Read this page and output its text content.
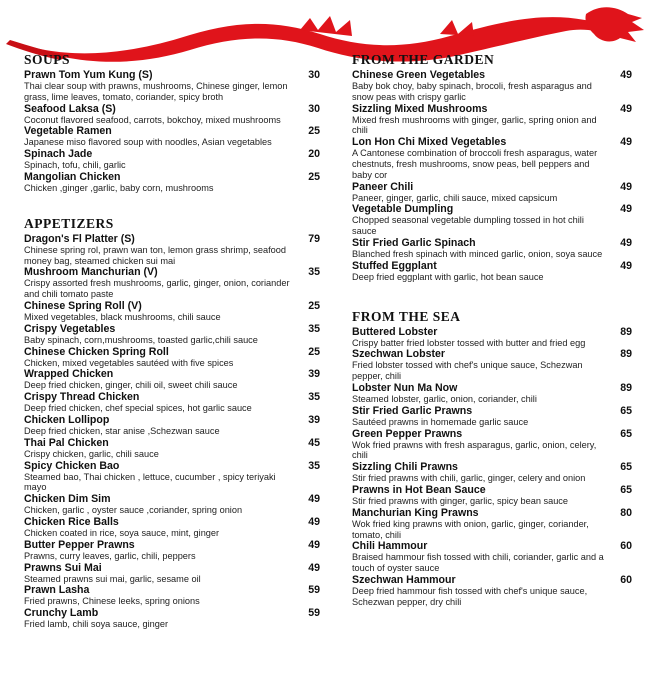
SOUPS
Prawn Tom Yum Kung (S)	30
Thai clear soup with prawns, mushrooms, Chinese ginger, lemon grass, lime leaves, tomato, coriander, spicy broth
Seafood Laksa (S)	30
Coconut flavored seafood, carrots, bokchoy, mixed mushrooms
Vegetable Ramen	25
Japanese miso flavored soup with noodles, Asian vegetables
Spinach Jade	20
Spinach, tofu, chili, garlic
Mangolian Chicken	25
Chicken ,ginger ,garlic, baby corn, mushrooms
APPETIZERS
Dragon's Fl Platter (S)	79
Chinese spring rol, prawn wan ton, lemon grass shrimp, seafood money bag, steamed chicken sui mai
Mushroom Manchurian (V)	35
Crispy assorted fresh mushrooms, garlic, ginger, onion, coriander and chili tomato paste
Chinese Spring Roll (V)	25
Mixed vegetables, black mushrooms, chili sauce
Crispy Vegetables	35
Baby spinach, corn,mushrooms, toasted garlic,chili sauce
Chinese Chicken Spring Roll	25
Chicken, mixed vegetables sautéed with five spices
Wrapped Chicken	39
Deep fried chicken, ginger, chili oil, sweet chili sauce
Crispy Thread Chicken	35
Deep fried chicken, chef special spices, hot garlic sauce
Chicken Lollipop	39
Deep fried chicken, star anise ,Schezwan sauce
Thai Pal Chicken	45
Crispy chicken, garlic, chili sauce
Spicy Chicken Bao	35
Steamed bao, Thai chicken , lettuce, cucumber , spicy teriyaki mayo
Chicken Dim Sim	49
Chicken, garlic , oyster sauce ,coriander, spring onion
Chicken Rice Balls	49
Chicken coated in rice, soya sauce, mint, ginger
Butter Pepper Prawns	49
Prawns, curry leaves, garlic, chili, peppers
Prawns Sui Mai	49
Steamed prawns sui mai, garlic, sesame oil
Prawn Lasha	59
Fried prawns, Chinese leeks, spring onions
Crunchy Lamb	59
Fried lamb, chili soya sauce, ginger
FROM THE GARDEN
Chinese Green Vegetables	49
Baby bok choy, baby spinach, brocoli, fresh asparagus and snow peas with crispy garlic
Sizzling Mixed Mushrooms	49
Mixed fresh mushrooms with ginger, garlic, spring onion and chili
Lon Hon Chi Mixed Vegetables	49
A Cantonese combination of broccoli fresh asparagus, water chestnuts, fresh mushrooms, snow peas, bell peppers and baby cor
Paneer Chili	49
Paneer, ginger, garlic, chili sauce, mixed capsicum
Vegetable Dumpling	49
Chopped seasonal vegetable dumpling tossed in hot chili sauce
Stir Fried Garlic Spinach	49
Blanched fresh spinach with minced garlic, onion, soya sauce
Stuffed Eggplant	49
Deep fried eggplant with garlic, hot bean sauce
FROM THE SEA
Buttered Lobster	89
Crispy batter fried lobster tossed with butter and fried egg
Szechwan Lobster	89
Fried lobster tossed with chef's unique sauce, Schezwan pepper, chili
Lobster Nun Ma Now	89
Steamed lobster, garlic, onion, coriander, chili
Stir Fried Garlic Prawns	65
Sautéed prawns in homemade garlic sauce
Green Pepper Prawns	65
Wok fried prawns with fresh asparagus, garlic, onion, celery, chili
Sizzling Chili Prawns	65
Stir fried prawns with chili, garlic, ginger, celery and onion
Prawns in Hot Bean Sauce	65
Stir fried prawns with ginger, garlic, spicy bean sauce
Manchurian King Prawns	80
Wok fried king prawns with onion, garlic, ginger, coriander, tomato, chili
Chili Hammour	60
Braised hammour fish tossed with chili, coriander, garlic and a touch of oyster sauce
Szechwan Hammour	60
Deep fried hammour fish tossed with chef's unique sauce, Schezwan pepper, dry chili
